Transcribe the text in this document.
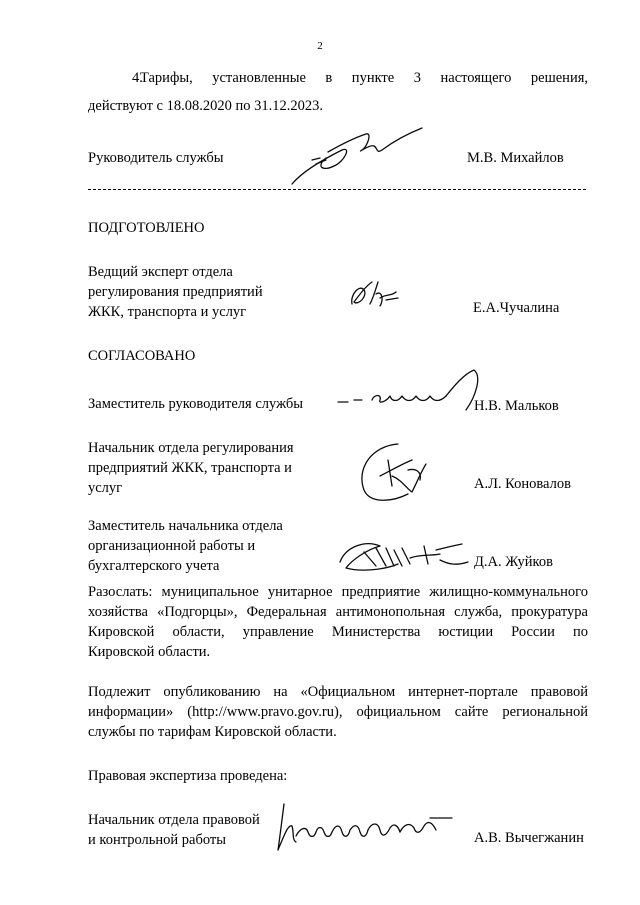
2
4.Тарифы, установленные в пункте 3 настоящего решения,
действуют с 18.08.2020 по 31.12.2023.
Руководитель службы	М.В. Михайлов
ПОДГОТОВЛЕНО
Ведщий эксперт отдела
регулирования предприятий
ЖКК, транспорта и услуг	Е.А.Чучалина
СОГЛАСОВАНО
Заместитель руководителя службы	Н.В. Мальков
Начальник отдела регулирования
предприятий ЖКК, транспорта и
услуг	А.Л. Коновалов
Заместитель начальника отдела
организационной работы и
бухгалтерского учета	Д.А. Жуйков
Разослать: муниципальное унитарное предприятие жилищно-коммунального
хозяйства «Подгорцы», Федеральная антимонопольная служба, прокуратура
Кировской области, управление Министерства юстиции России по
Кировской области.
Подлежит опубликованию на «Официальном интернет-портале правовой
информации» (http://www.pravo.gov.ru), официальном сайте региональной
службы по тарифам Кировской области.
Правовая экспертиза проведена:
Начальник отдела правовой
и контрольной работы	А.В. Вычегжанин
